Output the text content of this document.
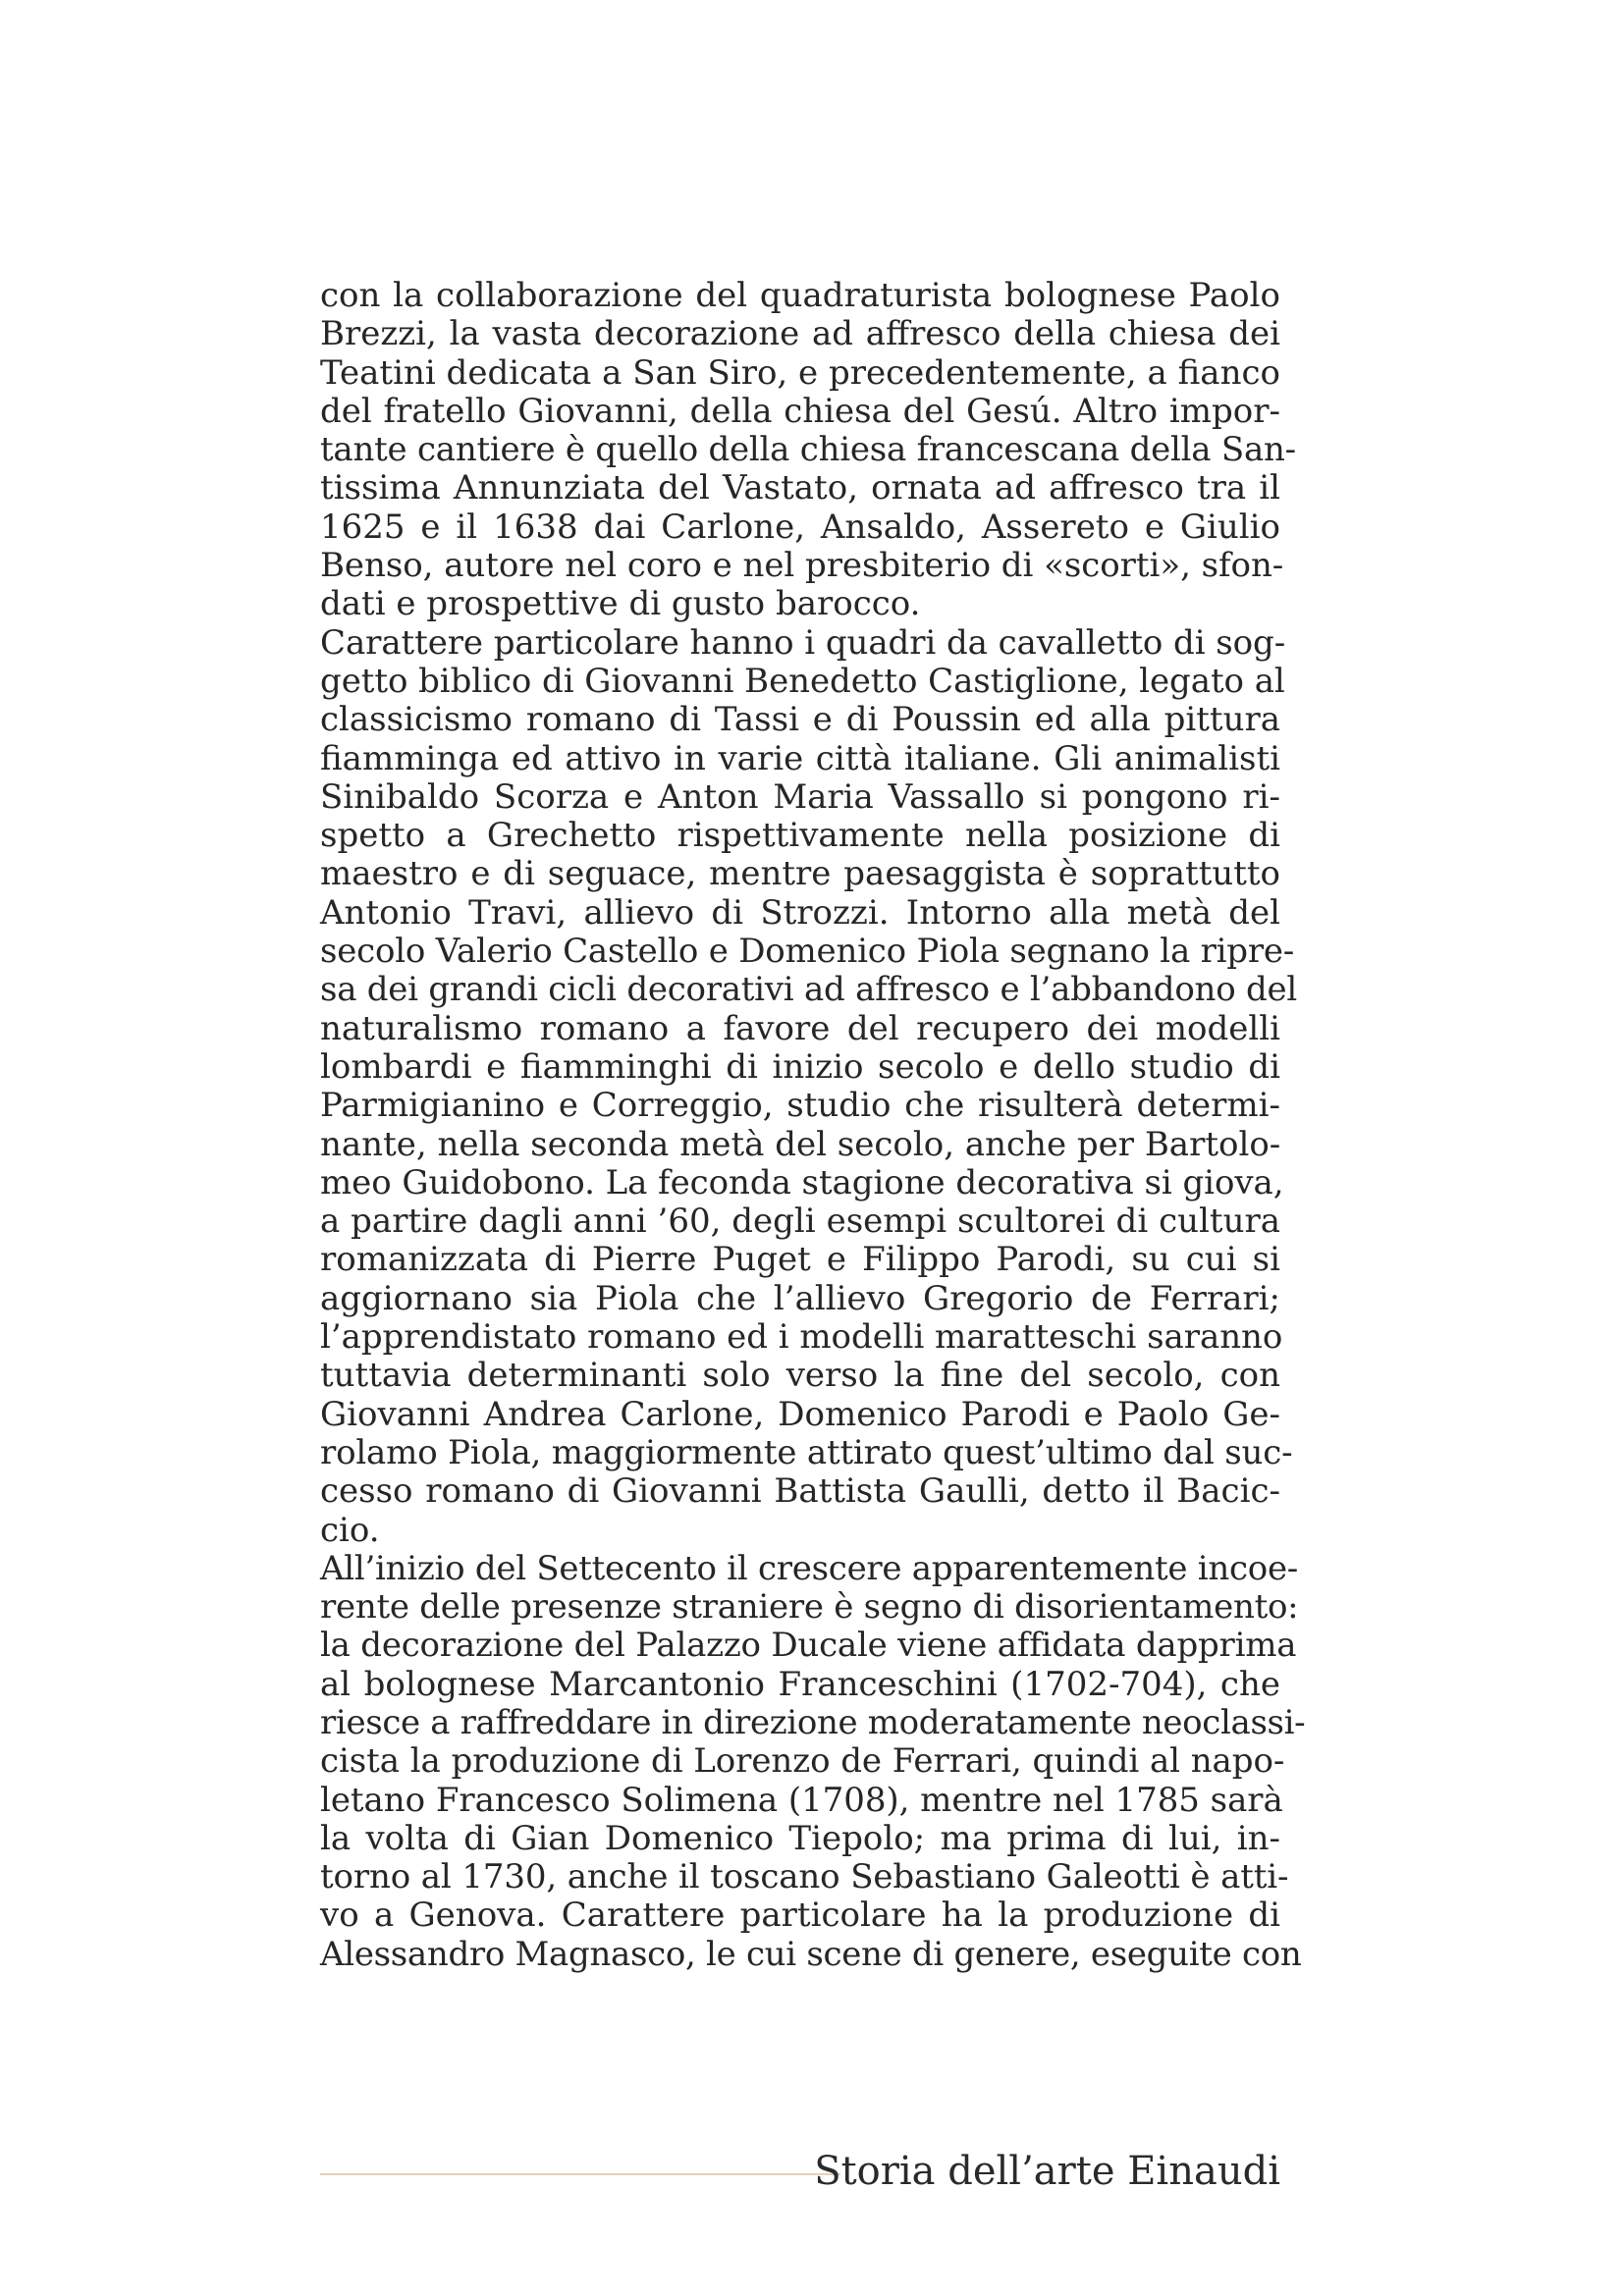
con la collaborazione del quadraturista bolognese Paolo
Brezzi, la vasta decorazione ad affresco della chiesa dei
Teatini dedicata a San Siro, e precedentemente, a fianco
del fratello Giovanni, della chiesa del Gesú. Altro impor-
tante cantiere è quello della chiesa francescana della San-
tissima Annunziata del Vastato, ornata ad affresco tra il
1625 e il 1638 dai Carlone, Ansaldo, Assereto e Giulio
Benso, autore nel coro e nel presbiterio di «scorti», sfon-
dati e prospettive di gusto barocco.
Carattere particolare hanno i quadri da cavalletto di sog-
getto biblico di Giovanni Benedetto Castiglione, legato al
classicismo romano di Tassi e di Poussin ed alla pittura
fiamminga ed attivo in varie città italiane. Gli animalisti
Sinibaldo Scorza e Anton Maria Vassallo si pongono ri-
spetto a Grechetto rispettivamente nella posizione di
maestro e di seguace, mentre paesaggista è soprattutto
Antonio Travi, allievo di Strozzi. Intorno alla metà del
secolo Valerio Castello e Domenico Piola segnano la ripre-
sa dei grandi cicli decorativi ad affresco e l’abbandono del
naturalismo romano a favore del recupero dei modelli
lombardi e fiamminghi di inizio secolo e dello studio di
Parmigianino e Correggio, studio che risulterà determi-
nante, nella seconda metà del secolo, anche per Bartolo-
meo Guidobono. La feconda stagione decorativa si giova,
a partire dagli anni ’60, degli esempi scultorei di cultura
romanizzata di Pierre Puget e Filippo Parodi, su cui si
aggiornano sia Piola che l’allievo Gregorio de Ferrari;
l’apprendistato romano ed i modelli maratteschi saranno
tuttavia determinanti solo verso la fine del secolo, con
Giovanni Andrea Carlone, Domenico Parodi e Paolo Ge-
rolamo Piola, maggiormente attirato quest’ultimo dal suc-
cesso romano di Giovanni Battista Gaulli, detto il Bacic-
cio.
All’inizio del Settecento il crescere apparentemente incoe-
rente delle presenze straniere è segno di disorientamento:
la decorazione del Palazzo Ducale viene affidata dapprima
al bolognese Marcantonio Franceschini (1702-704), che
riesce a raffreddare in direzione moderatamente neoclassi-
cista la produzione di Lorenzo de Ferrari, quindi al napo-
letano Francesco Solimena (1708), mentre nel 1785 sarà
la volta di Gian Domenico Tiepolo; ma prima di lui, in-
torno al 1730, anche il toscano Sebastiano Galeotti è atti-
vo a Genova. Carattere particolare ha la produzione di
Alessandro Magnasco, le cui scene di genere, eseguite con
Storia dell’arte Einaudi
